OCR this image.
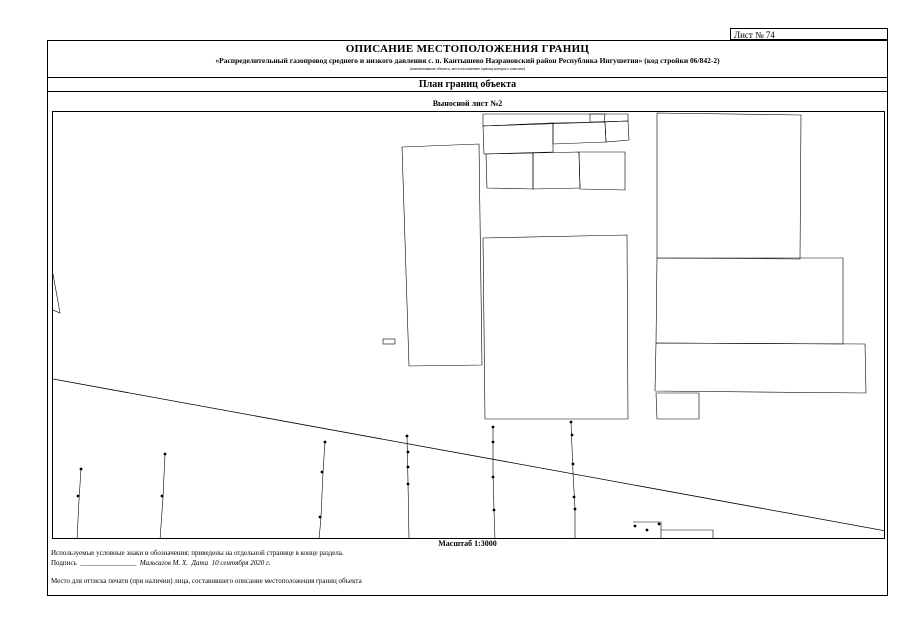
Лист № 74
ОПИСАНИЕ МЕСТОПОЛОЖЕНИЯ ГРАНИЦ
«Распределительный газопровод среднего и низкого давления с. п. Кантышево Назрановский район Республика Ингушетия» (код стройки 06/842-2)
(наименование объекта, местоположение границ которого описано)
План границ объекта
Выносной лист №2
Масштаб 1:3000
Используемые условные знаки и обозначения: приведены на отдельной странице в конце раздела.
Подпись ________________ Мальсагов М. Х. Дата 10 сентября 2020 г.
Место для оттиска печати (при наличии) лица, составившего описание местоположения границ объекта
